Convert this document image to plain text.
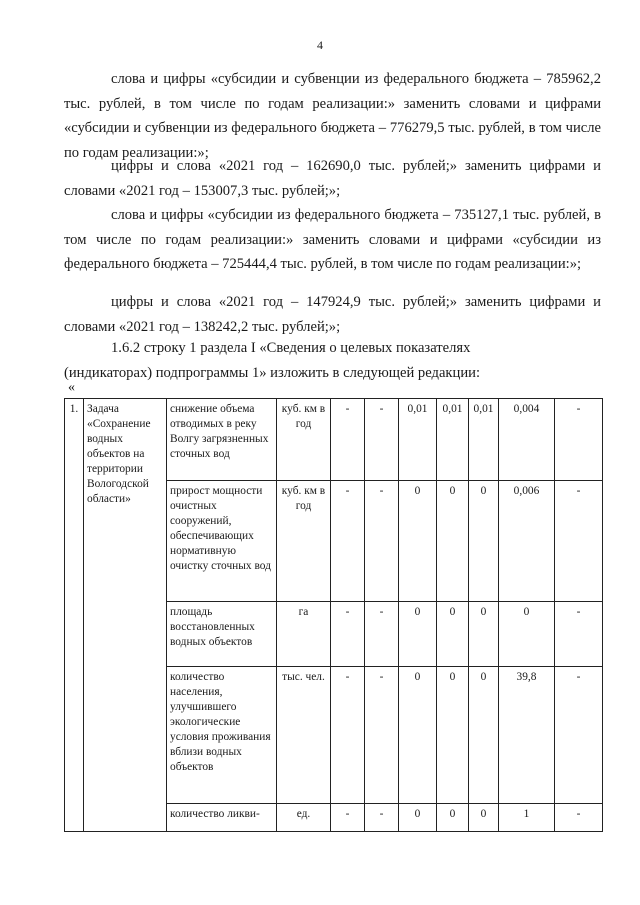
4

слова и цифры «субсидии и субвенции из федерального бюджета – 785962,2 тыс. рублей, в том числе по годам реализации:» заменить словами и цифрами «субсидии и субвенции из федерального бюджета – 776279,5 тыс. рублей, в том числе по годам реализации:»;

цифры и слова «2021 год – 162690,0 тыс. рублей;» заменить цифрами и словами «2021 год – 153007,3 тыс. рублей;»;

слова и цифры «субсидии из федерального бюджета – 735127,1 тыс. рублей, в том числе по годам реализации:» заменить словами и цифрами «субсидии из федерального бюджета – 725444,4 тыс. рублей, в том числе по годам реализации:»;

цифры и слова «2021 год – 147924,9 тыс. рублей;» заменить цифрами и словами «2021 год – 138242,2 тыс. рублей;»;

1.6.2 строку 1 раздела I «Сведения о целевых показателях (индикаторах) подпрограммы 1» изложить в следующей редакции:

«
1.	Задача «Сохранение водных объектов на территории Вологодской области»	снижение объема отводимых в реку Волгу загрязненных сточных вод	куб. км в год	-	-	0,01	0,01	0,01	0,004	-
		прирост мощности очистных сооружений, обеспечивающих нормативную очистку сточных вод	куб. км в год	-	-	0	0	0	0,006	-
		площадь восстановленных водных объектов	га	-	-	0	0	0	0	-
		количество населения, улучшившего экологические условия проживания вблизи водных объектов	тыс. чел.	-	-	0	0	0	39,8	-
		количество ликви-	ед.	-	-	0	0	0	1	-
